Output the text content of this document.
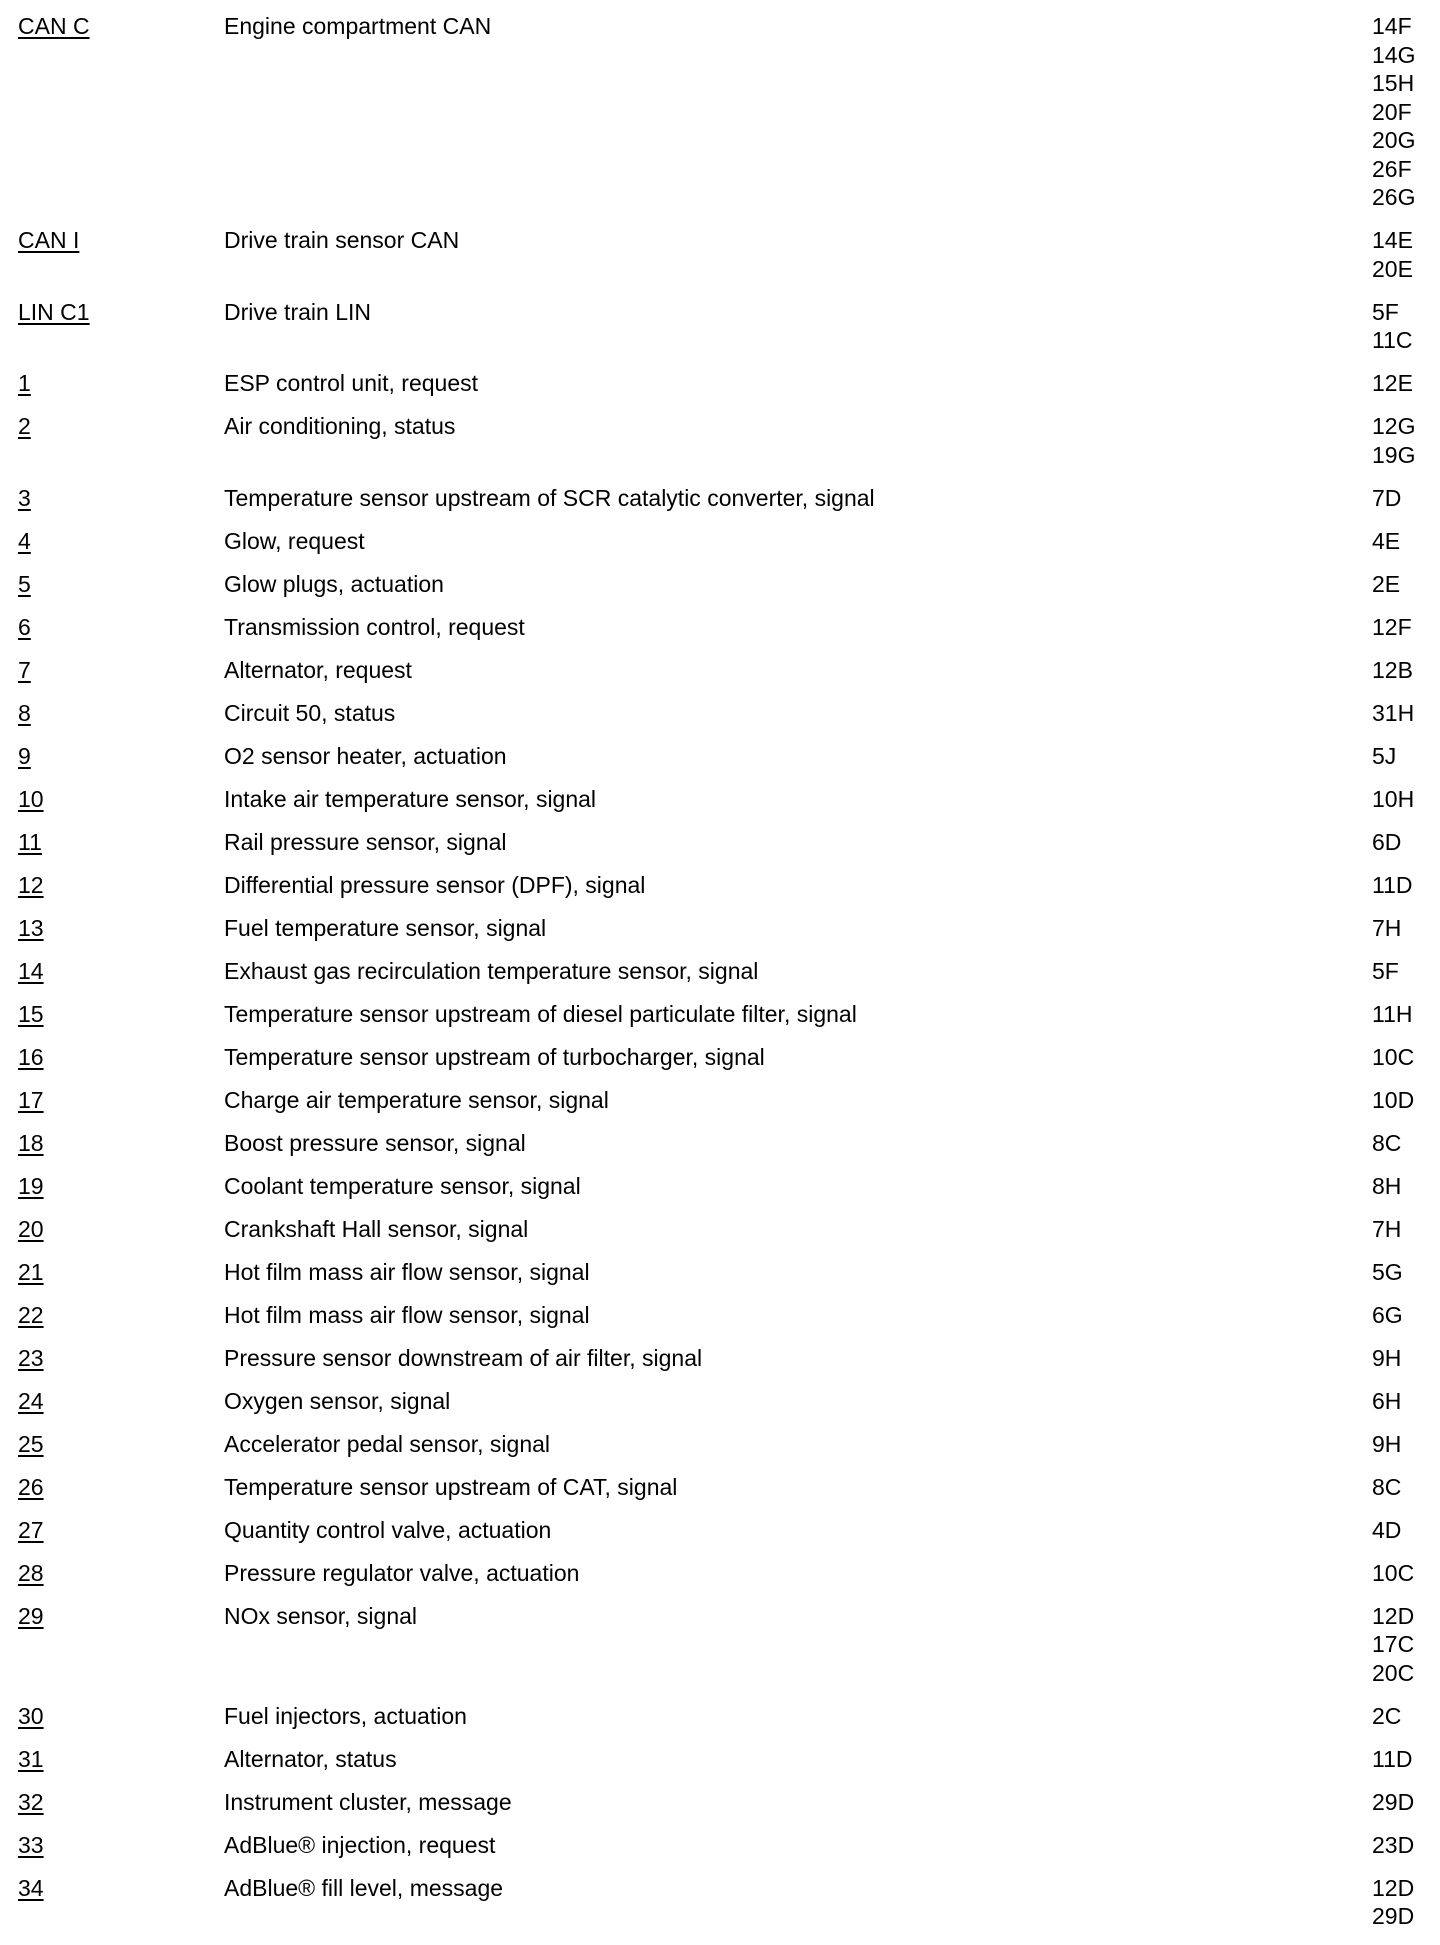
CAN C	Engine compartment CAN	14F
14G
15H
20F
20G
26F
26G
CAN I	Drive train sensor CAN	14E
20E
LIN C1	Drive train LIN	5F
11C
1	ESP control unit, request	12E
2	Air conditioning, status	12G
19G
3	Temperature sensor upstream of SCR catalytic converter, signal	7D
4	Glow, request	4E
5	Glow plugs, actuation	2E
6	Transmission control, request	12F
7	Alternator, request	12B
8	Circuit 50, status	31H
9	O2 sensor heater, actuation	5J
10	Intake air temperature sensor, signal	10H
11	Rail pressure sensor, signal	6D
12	Differential pressure sensor (DPF), signal	11D
13	Fuel temperature sensor, signal	7H
14	Exhaust gas recirculation temperature sensor, signal	5F
15	Temperature sensor upstream of diesel particulate filter, signal	11H
16	Temperature sensor upstream of turbocharger, signal	10C
17	Charge air temperature sensor, signal	10D
18	Boost pressure sensor, signal	8C
19	Coolant temperature sensor, signal	8H
20	Crankshaft Hall sensor, signal	7H
21	Hot film mass air flow sensor, signal	5G
22	Hot film mass air flow sensor, signal	6G
23	Pressure sensor downstream of air filter, signal	9H
24	Oxygen sensor, signal	6H
25	Accelerator pedal sensor, signal	9H
26	Temperature sensor upstream of CAT, signal	8C
27	Quantity control valve, actuation	4D
28	Pressure regulator valve, actuation	10C
29	NOx sensor, signal	12D
17C
20C
30	Fuel injectors, actuation	2C
31	Alternator, status	11D
32	Instrument cluster, message	29D
33	AdBlue® injection, request	23D
34	AdBlue® fill level, message	12D
29D
